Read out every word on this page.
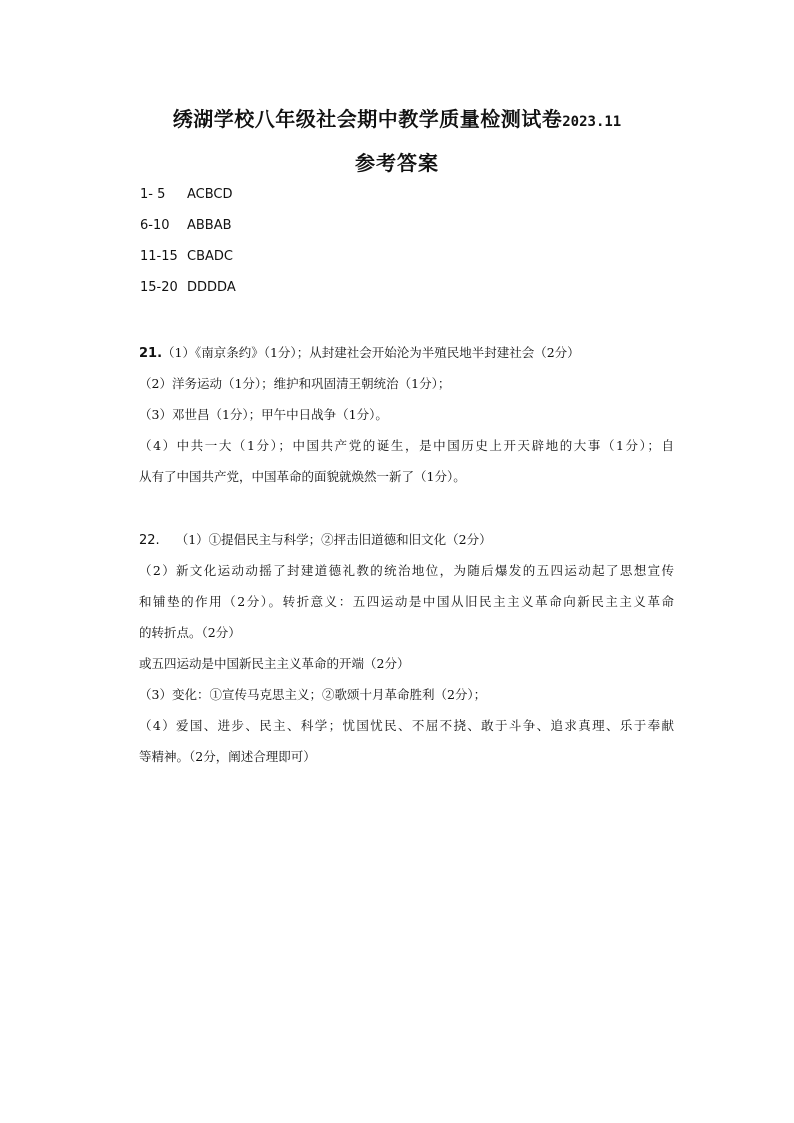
绣湖学校八年级社会期中教学质量检测试卷2023.11
参考答案
1- 5 ACBCD
6-10 ABBAB
11-15 CBADC
15-20 DDDDA
21.（1）《南京条约》（1分）；从封建社会开始沦为半殖民地半封建社会（2分）
（2）洋务运动（1分）；维护和巩固清王朝统治（1分）；
（3）邓世昌（1分）；甲午中日战争（1分）。
（4）中共一大（1分）；中国共产党的诞生，是中国历史上开天辟地的大事（1分）；自
从有了中国共产党，中国革命的面貌就焕然一新了（1分）。
22. （1）①提倡民主与科学；②抨击旧道德和旧文化（2分）
（2）新文化运动动摇了封建道德礼教的统治地位，为随后爆发的五四运动起了思想宣传
和铺垫的作用（2分）。转折意义：五四运动是中国从旧民主主义革命向新民主主义革命
的转折点。（2分）
或五四运动是中国新民主主义革命的开端（2分）
（3）变化：①宣传马克思主义；②歌颂十月革命胜利（2分）；
（4）爱国、进步、民主、科学；忧国忧民、不屈不挠、敢于斗争、追求真理、乐于奉献
等精神。（2分，阐述合理即可）
